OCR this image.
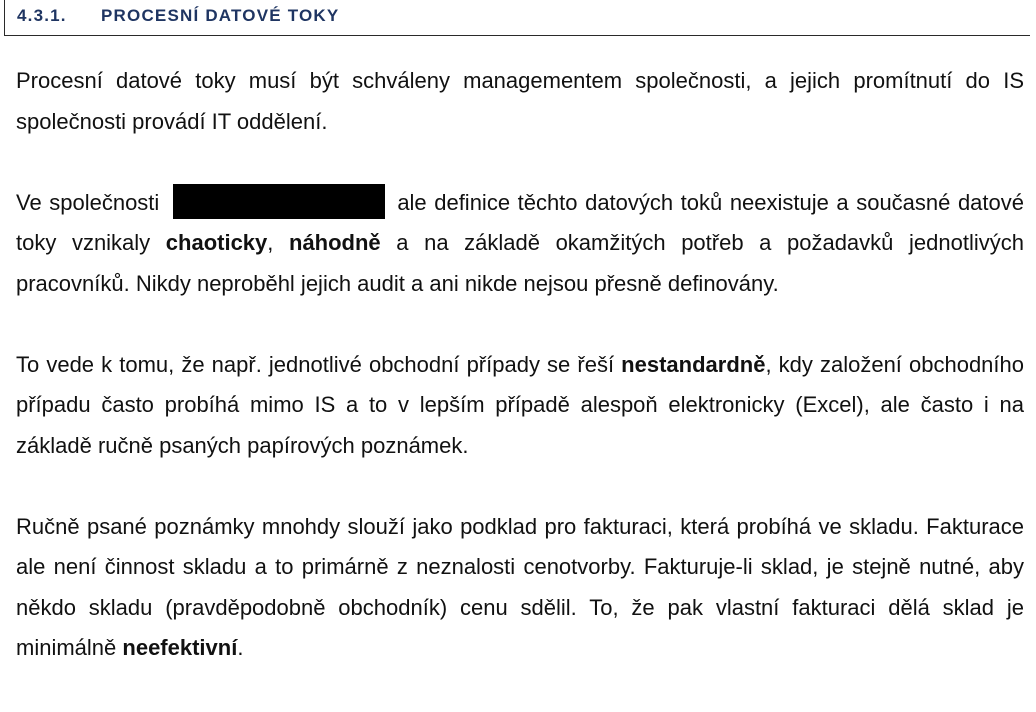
4.3.1. PROCESNÍ DATOVÉ TOKY

Procesní datové toky musí být schváleny managementem společnosti, a jejich promítnutí do IS společnosti provádí IT oddělení.

Ve společnosti	ale definice těchto datových toků neexistuje a současné datové toky vznikaly chaoticky, náhodně a na základě okamžitých potřeb a požadavků jednotlivých pracovníků. Nikdy neproběhl jejich audit a ani nikde nejsou přesně definovány.

To vede k tomu, že např. jednotlivé obchodní případy se řeší nestandardně, kdy založení obchodního případu často probíhá mimo IS a to v lepším případě alespoň elektronicky (Excel), ale často i na základě ručně psaných papírových poznámek.

Ručně psané poznámky mnohdy slouží jako podklad pro fakturaci, která probíhá ve skladu. Fakturace ale není činnost skladu a to primárně z neznalosti cenotvorby. Fakturuje-li sklad, je stejně nutné, aby někdo skladu (pravděpodobně obchodník) cenu sdělil. To, že pak vlastní fakturaci dělá sklad je minimálně neefektivní.
